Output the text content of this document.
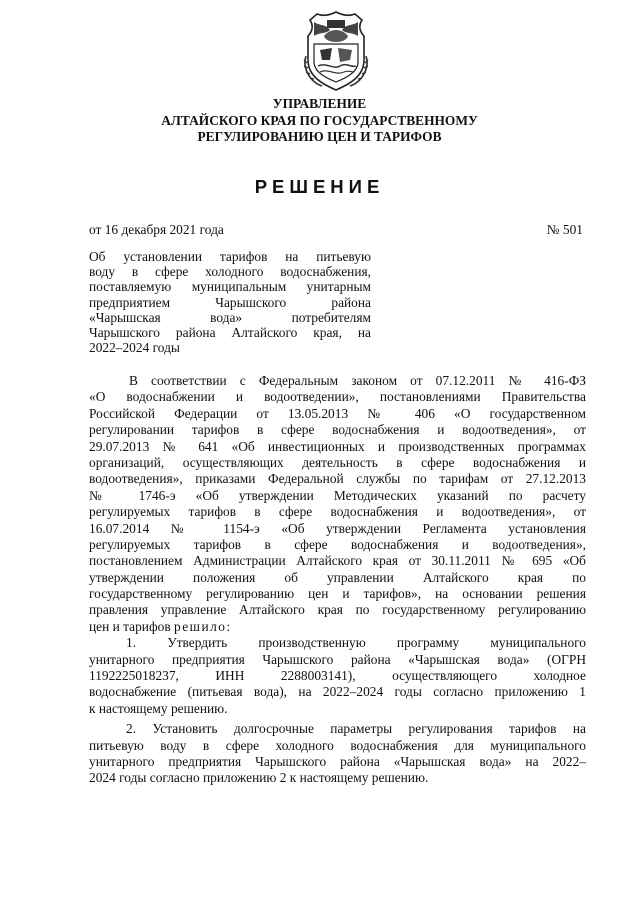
УПРАВЛЕНИЕ
АЛТАЙСКОГО КРАЯ ПО ГОСУДАРСТВЕННОМУ
РЕГУЛИРОВАНИЮ ЦЕН И ТАРИФОВ
РЕШЕНИЕ
от 16 декабря 2021 года	№ 501
Об установлении тарифов на питьевую
воду в сфере холодного водоснабжения,
поставляемую муниципальным унитарным
предприятием Чарышского района
«Чарышская вода» потребителям
Чарышского района Алтайского края, на
2022–2024 годы
В соответствии с Федеральным законом от 07.12.2011 № 416-ФЗ
«О водоснабжении и водоотведении», постановлениями Правительства
Российской Федерации от 13.05.2013 № 406 «О государственном
регулировании тарифов в сфере водоснабжения и водоотведения», от
29.07.2013 № 641 «Об инвестиционных и производственных программах
организаций, осуществляющих деятельность в сфере водоснабжения и
водоотведения», приказами Федеральной службы по тарифам от 27.12.2013
№ 1746-э «Об утверждении Методических указаний по расчету
регулируемых тарифов в сфере водоснабжения и водоотведения», от
16.07.2014 № 1154-э «Об утверждении Регламента установления
регулируемых тарифов в сфере водоснабжения и водоотведения»,
постановлением Администрации Алтайского края от 30.11.2011 № 695 «Об
утверждении положения об управлении Алтайского края по
государственному регулированию цен и тарифов», на основании решения
правления управление Алтайского края по государственному регулированию
цен и тарифов решило:
1. Утвердить производственную программу муниципального
унитарного предприятия Чарышского района «Чарышская вода» (ОГРН
1192225018237, ИНН 2288003141), осуществляющего холодное
водоснабжение (питьевая вода), на 2022–2024 годы согласно приложению 1
к настоящему решению.
2. Установить долгосрочные параметры регулирования тарифов на
питьевую воду в сфере холодного водоснабжения для муниципального
унитарного предприятия Чарышского района «Чарышская вода» на 2022–
2024 годы согласно приложению 2 к настоящему решению.
